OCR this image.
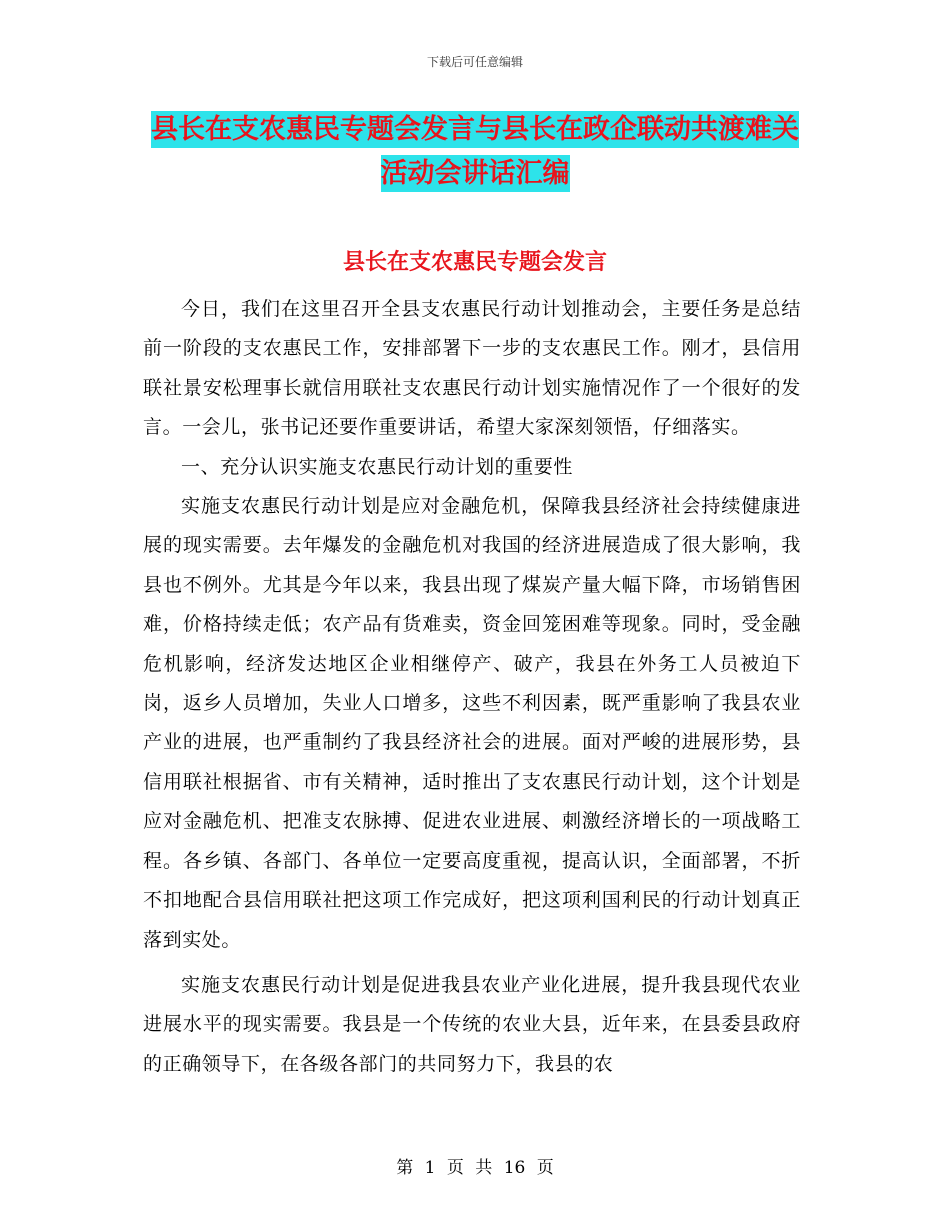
下载后可任意编辑
县长在支农惠民专题会发言与县长在政企联动共渡难关活动会讲话汇编
县长在支农惠民专题会发言

今日，我们在这里召开全县支农惠民行动计划推动会，主要任务是总结前一阶段的支农惠民工作，安排部署下一步的支农惠民工作。刚才，县信用联社景安松理事长就信用联社支农惠民行动计划实施情况作了一个很好的发言。一会儿，张书记还要作重要讲话，希望大家深刻领悟，仔细落实。

一、充分认识实施支农惠民行动计划的重要性

实施支农惠民行动计划是应对金融危机，保障我县经济社会持续健康进展的现实需要。去年爆发的金融危机对我国的经济进展造成了很大影响，我县也不例外。尤其是今年以来，我县出现了煤炭产量大幅下降，市场销售困难，价格持续走低；农产品有货难卖，资金回笼困难等现象。同时，受金融危机影响，经济发达地区企业相继停产、破产，我县在外务工人员被迫下岗，返乡人员增加，失业人口增多，这些不利因素，既严重影响了我县农业产业的进展，也严重制约了我县经济社会的进展。面对严峻的进展形势，县信用联社根据省、市有关精神，适时推出了支农惠民行动计划，这个计划是应对金融危机、把准支农脉搏、促进农业进展、刺激经济增长的一项战略工程。各乡镇、各部门、各单位一定要高度重视，提高认识，全面部署，不折不扣地配合县信用联社把这项工作完成好，把这项利国利民的行动计划真正落到实处。

实施支农惠民行动计划是促进我县农业产业化进展，提升我县现代农业进展水平的现实需要。我县是一个传统的农业大县，近年来，在县委县政府的正确领导下，在各级各部门的共同努力下，我县的农

第 1 页 共 16 页
